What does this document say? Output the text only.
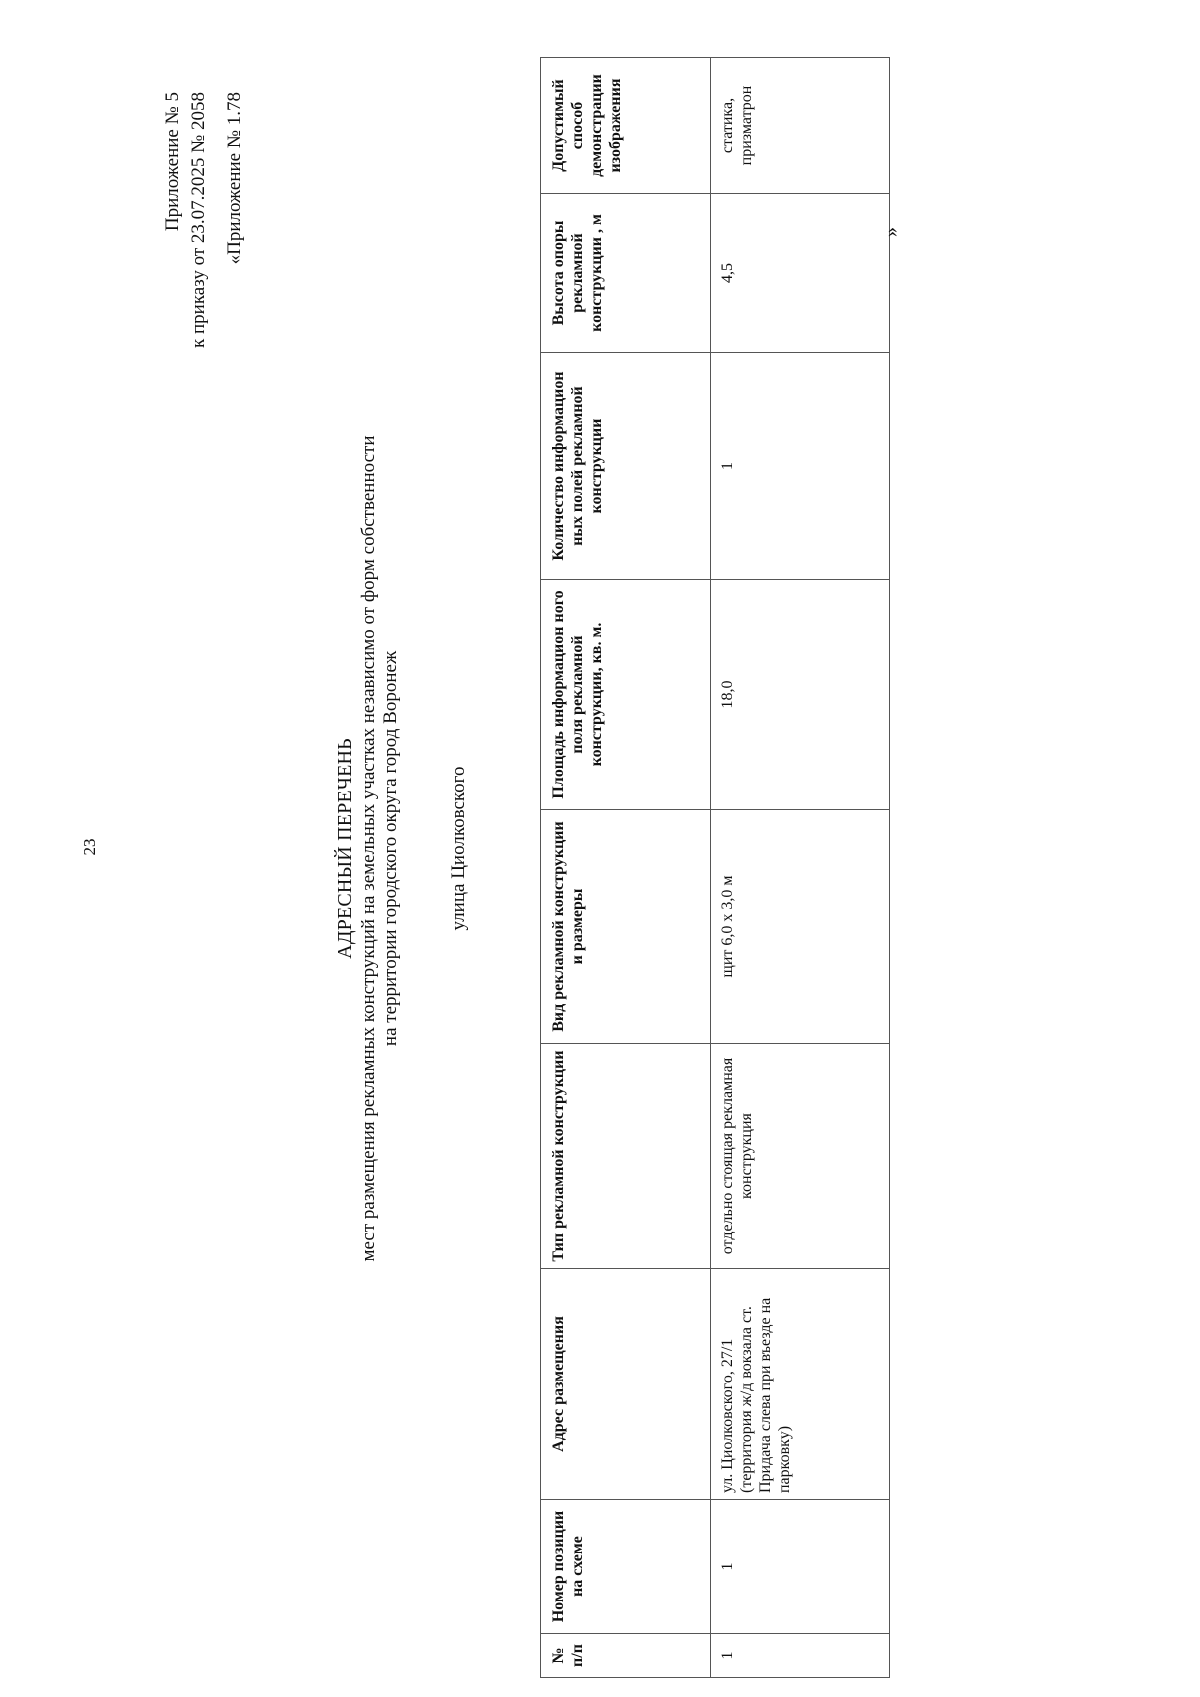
23
Приложение № 5 к приказу от 23.07.2025 № 2058 «Приложение № 1.78
АДРЕСНЫЙ ПЕРЕЧЕНЬ мест размещения рекламных конструкций на земельных участках независимо от форм собственности на территории городского округа город Воронеж улица Циолковского
№ п/п	Номер позиции на схеме	Адрес размещения	Тип рекламной конструкции	Вид рекламной конструкции и размеры	Площадь информацион ного поля рекламной конструкции, кв. м.	Количество информацион ных полей рекламной конструкции	Высота опоры рекламной конструкции , м	Допустимый способ демонстрации изображения
1	1	ул. Циолковского, 27/1 (территория ж/д вокзала ст. Придача слева при въезде на парковку)	отдельно стоящая рекламная конструкция	щит 6,0 х 3,0 м	18,0	1	4,5	статика, призматрон
»
